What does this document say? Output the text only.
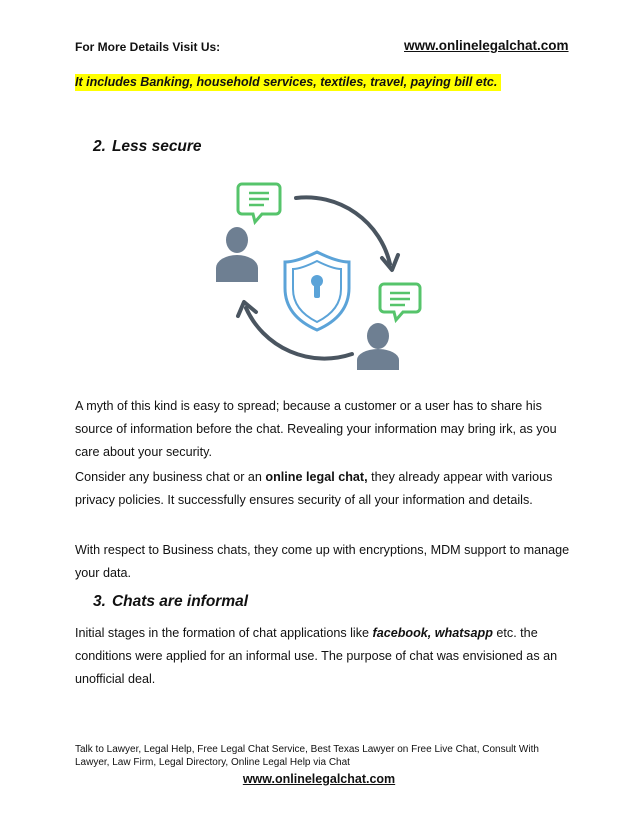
For More Details Visit Us:	www.onlinelegalchat.com
It includes Banking, household services, textiles, travel, paying bill etc.
2. Less secure
A myth of this kind is easy to spread; because a customer or a user has to share his source of information before the chat. Revealing your information may bring irk, as you care about your security.
Consider any business chat or an online legal chat, they already appear with various privacy policies. It successfully ensures security of all your information and details.
With respect to Business chats, they come up with encryptions, MDM support to manage your data.
3. Chats are informal
Initial stages in the formation of chat applications like facebook, whatsapp etc. the conditions were applied for an informal use. The purpose of chat was envisioned as an unofficial deal.
Talk to Lawyer, Legal Help, Free Legal Chat Service, Best Texas Lawyer on Free Live Chat, Consult With Lawyer, Law Firm, Legal Directory, Online Legal Help via Chat
www.onlinelegalchat.com
